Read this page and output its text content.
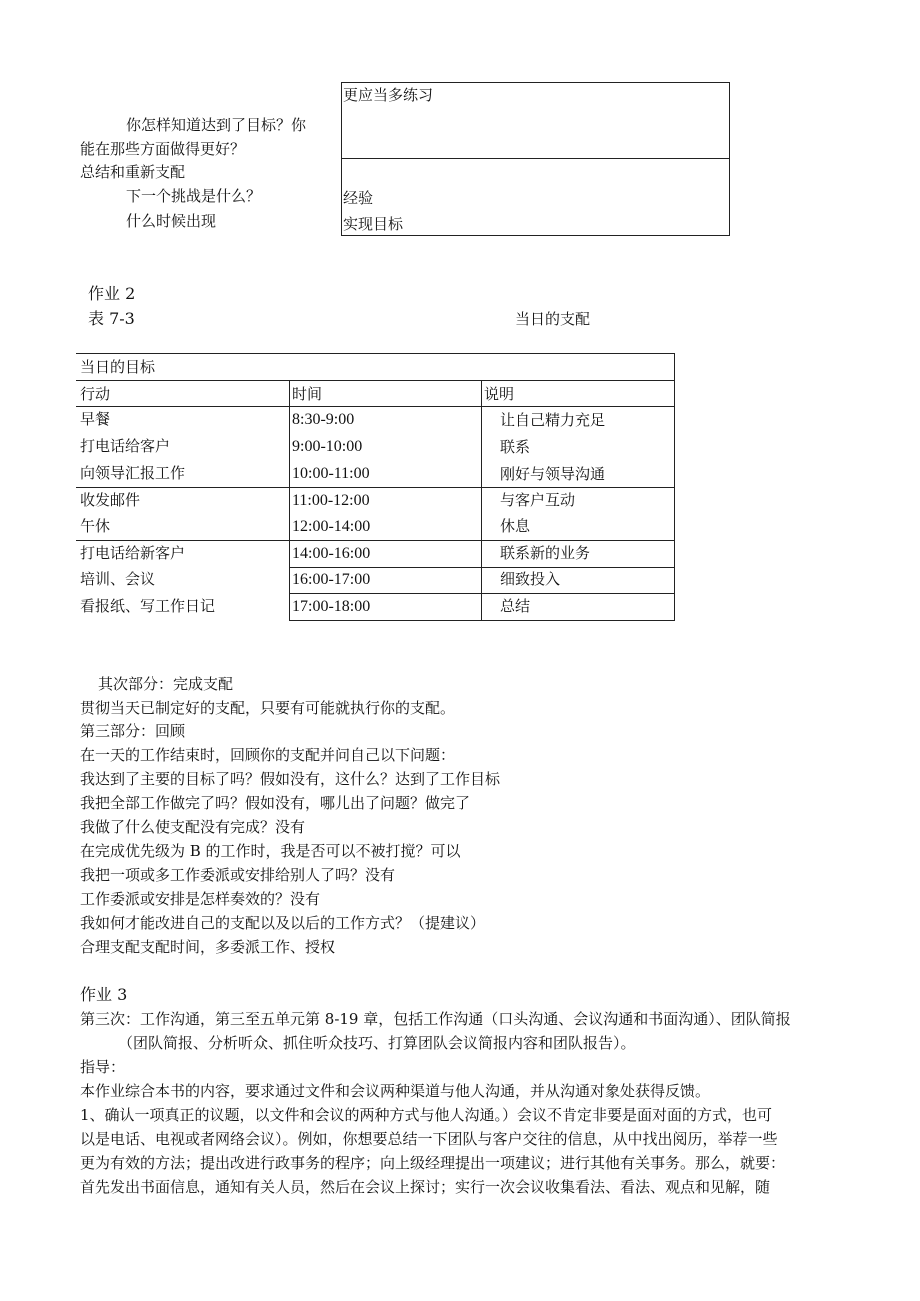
你怎样知道达到了目标？你
能在那些方面做得更好？
总结和重新支配
下一个挑战是什么？
什么时候出现
更应当多练习
经验
实现目标
作业 2
表 7-3	当日的支配
当日的目标
行动	时间	说明
早餐	8:30-9:00	让自己精力充足
打电话给客户	9:00-10:00	联系
向领导汇报工作	10:00-11:00	刚好与领导沟通
收发邮件	11:00-12:00	与客户互动
午休	12:00-14:00	休息
打电话给新客户	14:00-16:00	联系新的业务
培训、会议	16:00-17:00	细致投入
看报纸、写工作日记	17:00-18:00	总结
其次部分：完成支配
贯彻当天已制定好的支配，只要有可能就执行你的支配。
第三部分：回顾
在一天的工作结束时，回顾你的支配并问自己以下问题：
我达到了主要的目标了吗？假如没有，这什么？达到了工作目标
我把全部工作做完了吗？假如没有，哪儿出了问题？做完了
我做了什么使支配没有完成？没有
在完成优先级为 B 的工作时，我是否可以不被打搅？可以
我把一项或多工作委派或安排给别人了吗？没有
工作委派或安排是怎样奏效的？没有
我如何才能改进自己的支配以及以后的工作方式？（提建议）
合理支配支配时间，多委派工作、授权
作业 3
第三次：工作沟通，第三至五单元第 8-19 章，包括工作沟通（口头沟通、会议沟通和书面沟通）、团队简报
（团队简报、分析听众、抓住听众技巧、打算团队会议简报内容和团队报告）。
指导：
本作业综合本书的内容，要求通过文件和会议两种渠道与他人沟通，并从沟通对象处获得反馈。
1、确认一项真正的议题，以文件和会议的两种方式与他人沟通。）会议不肯定非要是面对面的方式，也可
以是电话、电视或者网络会议）。例如，你想要总结一下团队与客户交往的信息，从中找出阅历，举荐一些
更为有效的方法；提出改进行政事务的程序；向上级经理提出一项建议；进行其他有关事务。那么，就要：
首先发出书面信息，通知有关人员，然后在会议上探讨；实行一次会议收集看法、看法、观点和见解，随
